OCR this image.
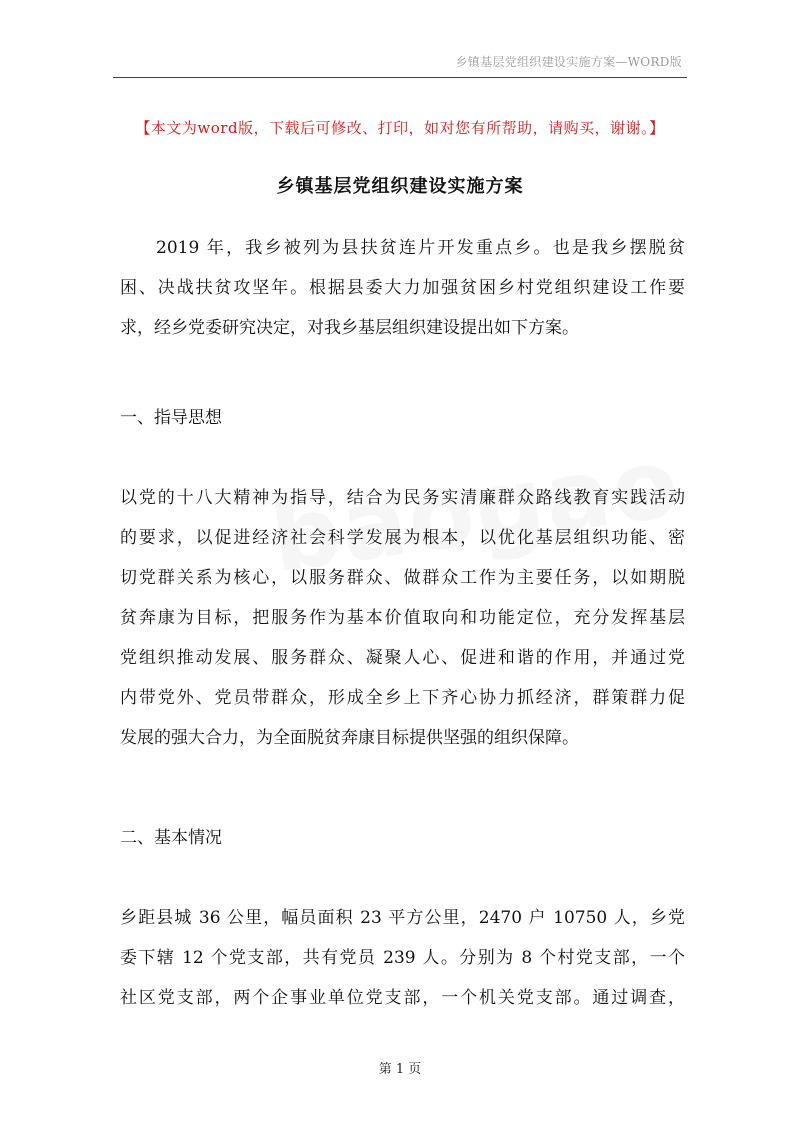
乡镇基层党组织建设实施方案—WORD版
【本文为word版，下载后可修改、打印，如对您有所帮助，请购买，谢谢。】
乡镇基层党组织建设实施方案
2019 年，我乡被列为县扶贫连片开发重点乡。也是我乡摆脱贫
困、决战扶贫攻坚年。根据县委大力加强贫困乡村党组织建设工作要
求，经乡党委研究决定，对我乡基层组织建设提出如下方案。
一、指导思想
以党的十八大精神为指导，结合为民务实清廉群众路线教育实践活动
的要求，以促进经济社会科学发展为根本，以优化基层组织功能、密
切党群关系为核心，以服务群众、做群众工作为主要任务，以如期脱
贫奔康为目标，把服务作为基本价值取向和功能定位，充分发挥基层
党组织推动发展、服务群众、凝聚人心、促进和谐的作用，并通过党
内带党外、党员带群众，形成全乡上下齐心协力抓经济，群策群力促
发展的强大合力，为全面脱贫奔康目标提供坚强的组织保障。
二、基本情况
乡距县城 36 公里，幅员面积 23 平方公里，2470 户 10750 人，乡党
委下辖 12 个党支部，共有党员 239 人。分别为 8 个村党支部，一个
社区党支部，两个企事业单位党支部，一个机关党支部。通过调查，
第 1 页
